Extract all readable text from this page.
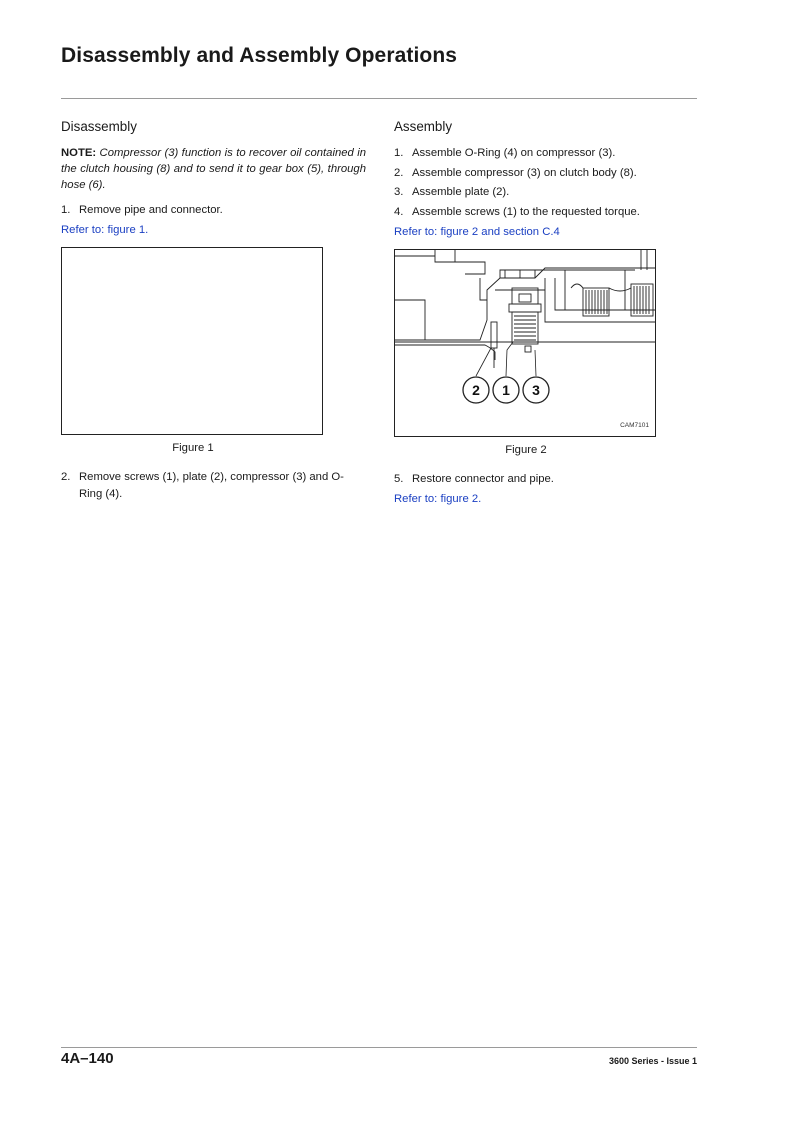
Disassembly and Assembly Operations
Disassembly
NOTE: Compressor (3) function is to recover oil contained in the clutch housing (8) and to send it to gear box (5), through hose (6).
1. Remove pipe and connector.
Refer to: figure 1.
Figure 1
2. Remove screws (1), plate (2), compressor (3) and O-Ring (4).
Assembly
1. Assemble O-Ring (4) on compressor (3).
2. Assemble compressor (3) on clutch body (8).
3. Assemble plate (2).
4. Assemble screws (1) to the requested torque.
Refer to: figure 2 and section C.4
2 1 3
CAM7101
Figure 2
5. Restore connector and pipe.
Refer to: figure 2.
4A–140	3600 Series - Issue 1
